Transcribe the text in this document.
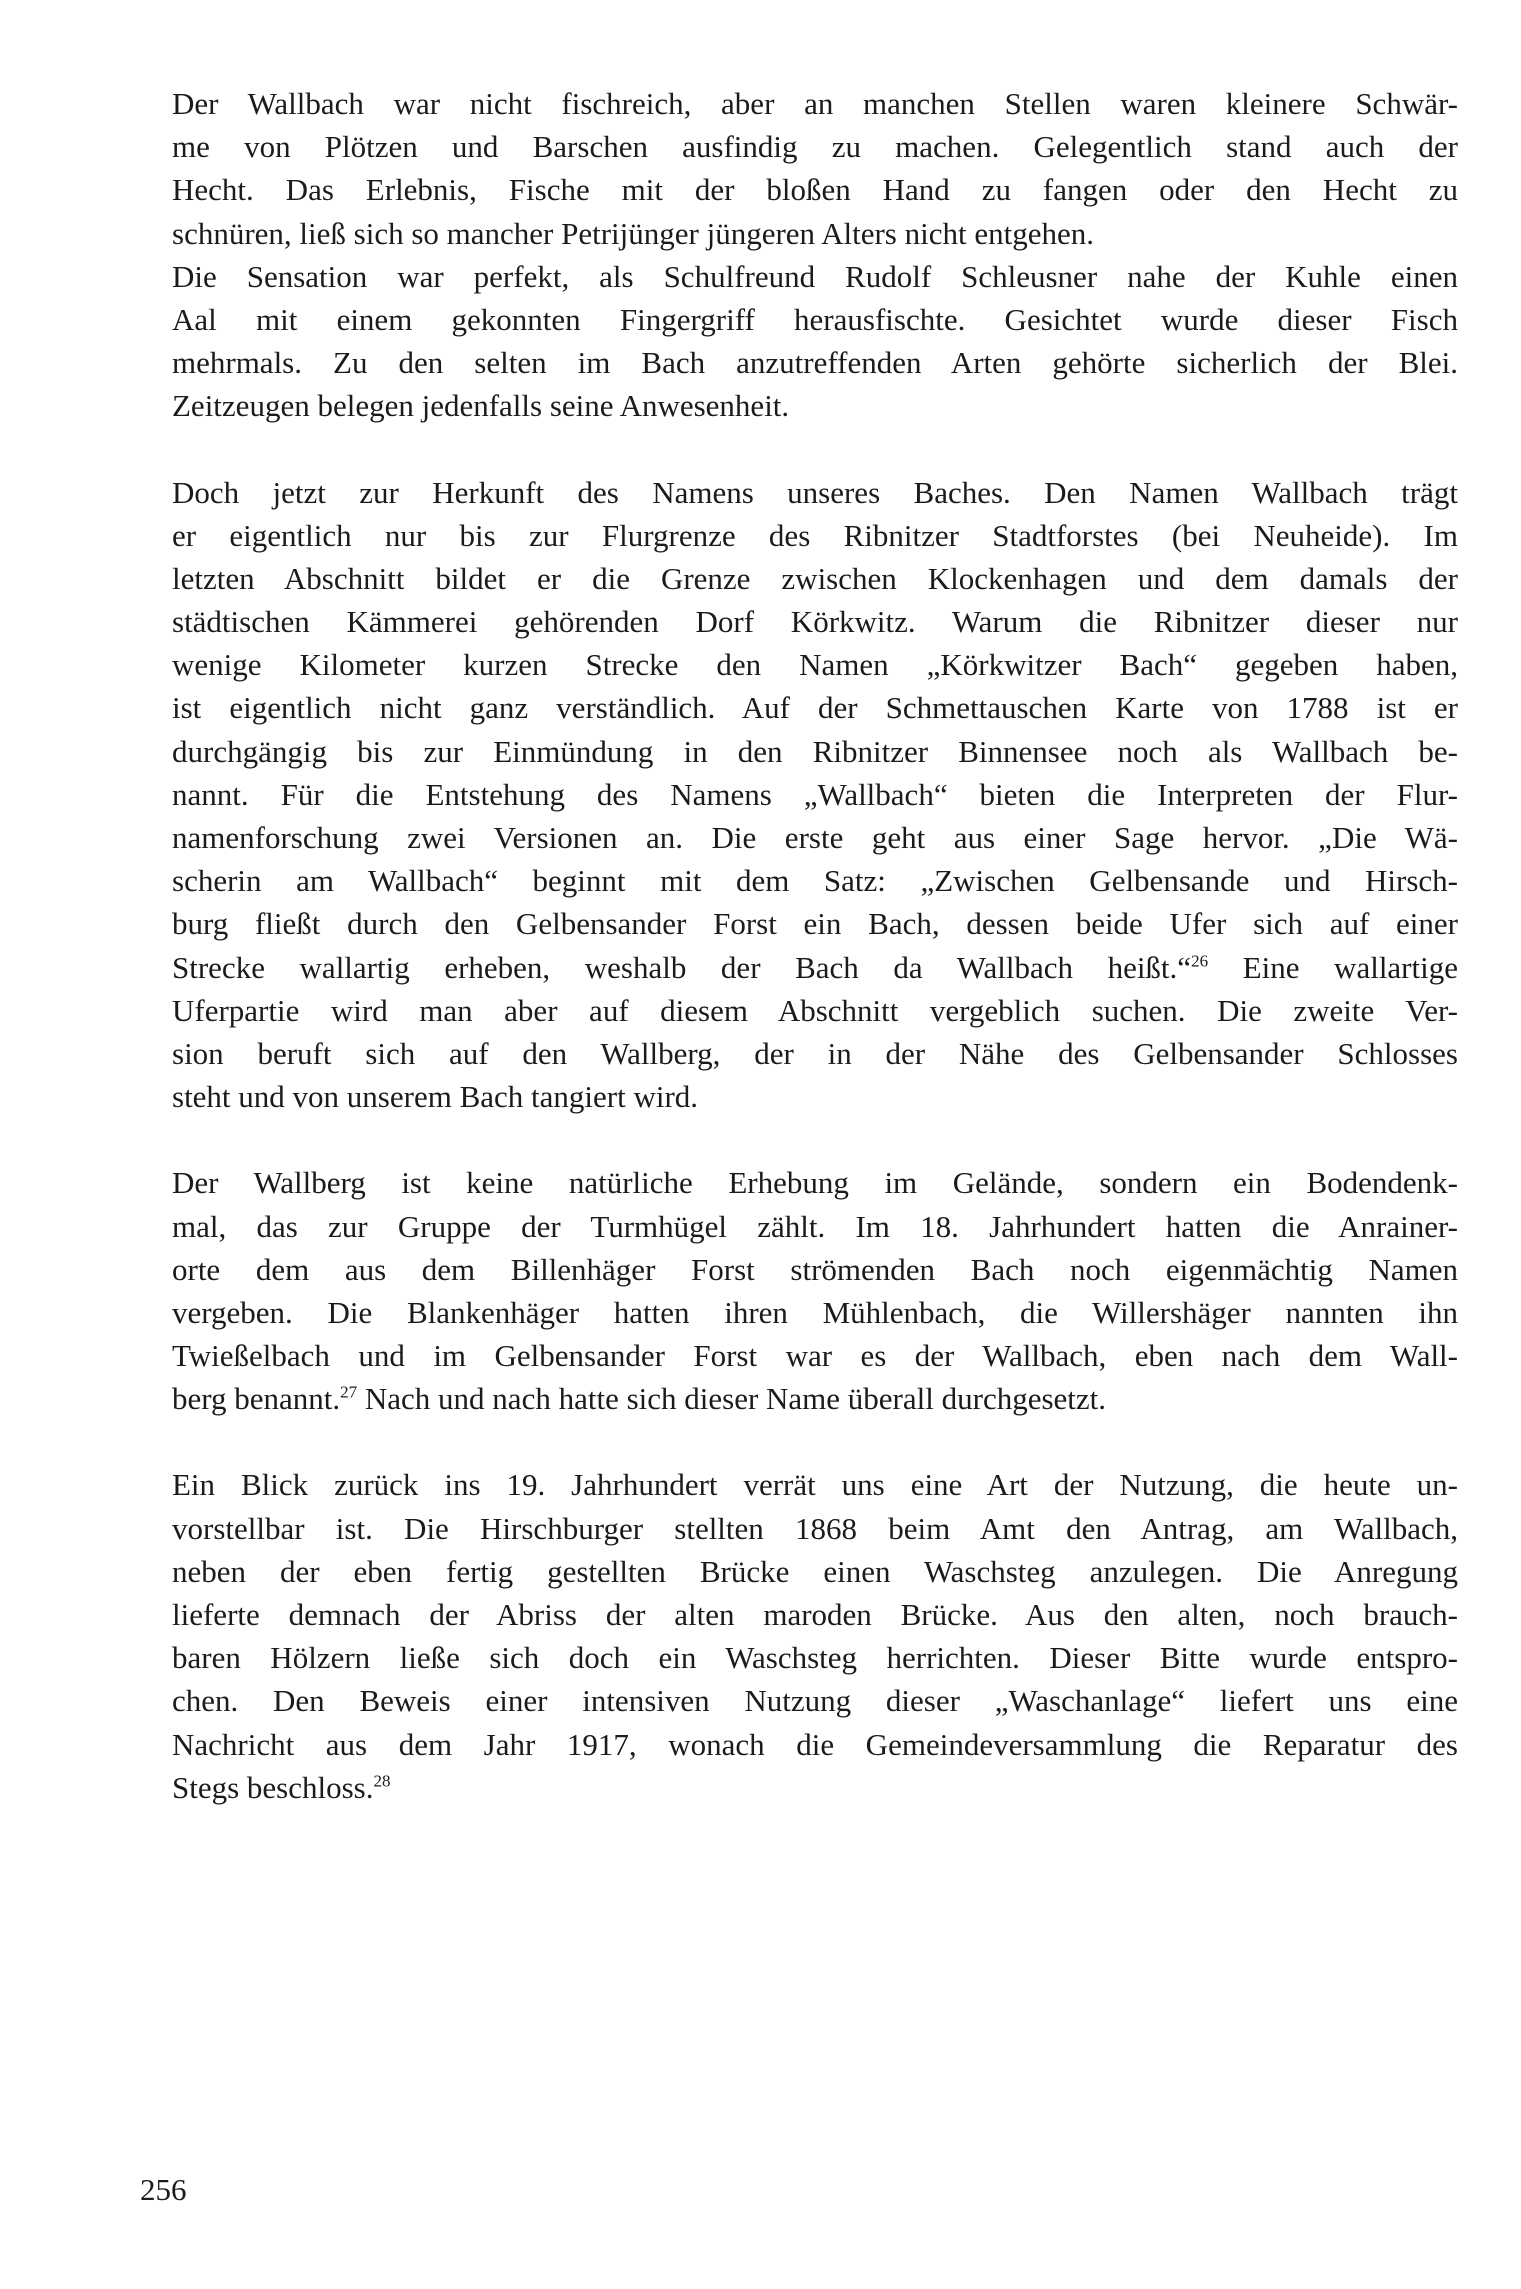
Der Wallbach war nicht fischreich, aber an manchen Stellen waren kleinere Schwär-
me von Plötzen und Barschen ausfindig zu machen. Gelegentlich stand auch der
Hecht. Das Erlebnis, Fische mit der bloßen Hand zu fangen oder den Hecht zu
schnüren, ließ sich so mancher Petrijünger jüngeren Alters nicht entgehen.
Die Sensation war perfekt, als Schulfreund Rudolf Schleusner nahe der Kuhle einen
Aal mit einem gekonnten Fingergriff herausfischte. Gesichtet wurde dieser Fisch
mehrmals. Zu den selten im Bach anzutreffenden Arten gehörte sicherlich der Blei.
Zeitzeugen belegen jedenfalls seine Anwesenheit.
Doch jetzt zur Herkunft des Namens unseres Baches. Den Namen Wallbach trägt
er eigentlich nur bis zur Flurgrenze des Ribnitzer Stadtforstes (bei Neuheide). Im
letzten Abschnitt bildet er die Grenze zwischen Klockenhagen und dem damals der
städtischen Kämmerei gehörenden Dorf Körkwitz. Warum die Ribnitzer dieser nur
wenige Kilometer kurzen Strecke den Namen „Körkwitzer Bach“ gegeben haben,
ist eigentlich nicht ganz verständlich. Auf der Schmettauschen Karte von 1788 ist er
durchgängig bis zur Einmündung in den Ribnitzer Binnensee noch als Wallbach be-
nannt. Für die Entstehung des Namens „Wallbach“ bieten die Interpreten der Flur-
namenforschung zwei Versionen an. Die erste geht aus einer Sage hervor. „Die Wä-
scherin am Wallbach“ beginnt mit dem Satz: „Zwischen Gelbensande und Hirsch-
burg fließt durch den Gelbensander Forst ein Bach, dessen beide Ufer sich auf einer
Strecke wallartig erheben, weshalb der Bach da Wallbach heißt.“$^{26}$ Eine wallartige
Uferpartie wird man aber auf diesem Abschnitt vergeblich suchen. Die zweite Ver-
sion beruft sich auf den Wallberg, der in der Nähe des Gelbensander Schlosses
steht und von unserem Bach tangiert wird.
Der Wallberg ist keine natürliche Erhebung im Gelände, sondern ein Bodendenk-
mal, das zur Gruppe der Turmhügel zählt. Im 18. Jahrhundert hatten die Anrainer-
orte dem aus dem Billenhäger Forst strömenden Bach noch eigenmächtig Namen
vergeben. Die Blankenhäger hatten ihren Mühlenbach, die Willershäger nannten ihn
Twießelbach und im Gelbensander Forst war es der Wallbach, eben nach dem Wall-
berg benannt.$^{27}$ Nach und nach hatte sich dieser Name überall durchgesetzt.
Ein Blick zurück ins 19. Jahrhundert verrät uns eine Art der Nutzung, die heute un-
vorstellbar ist. Die Hirschburger stellten 1868 beim Amt den Antrag, am Wallbach,
neben der eben fertig gestellten Brücke einen Waschsteg anzulegen. Die Anregung
lieferte demnach der Abriss der alten maroden Brücke. Aus den alten, noch brauch-
baren Hölzern ließe sich doch ein Waschsteg herrichten. Dieser Bitte wurde entspro-
chen. Den Beweis einer intensiven Nutzung dieser „Waschanlage“ liefert uns eine
Nachricht aus dem Jahr 1917, wonach die Gemeindeversammlung die Reparatur des
Stegs beschloss.$^{28}$
256
